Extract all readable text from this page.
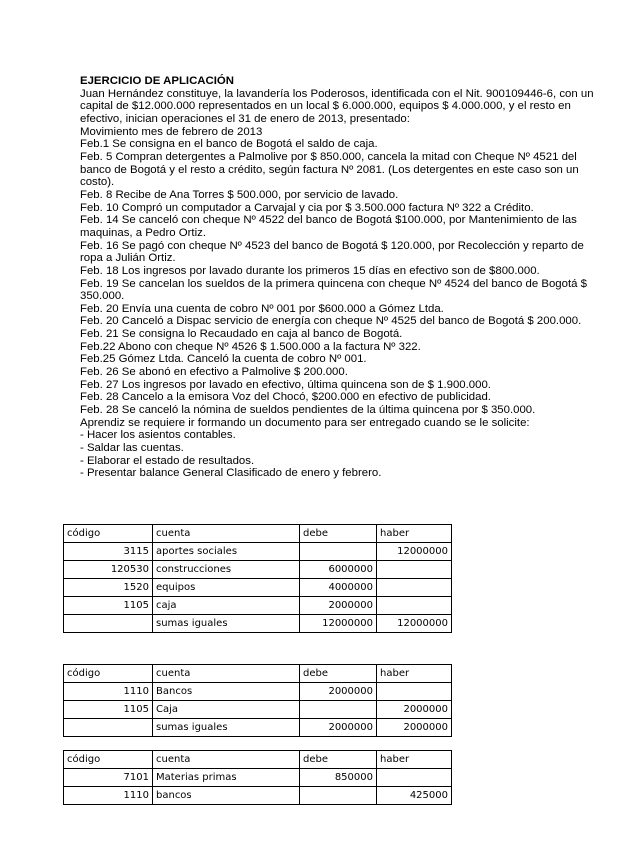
EJERCICIO DE APLICACIÓN
Juan Hernández constituye, la lavandería los Poderosos, identificada con el Nit. 900109446-6, con un
capital de $12.000.000 representados en un local $ 6.000.000, equipos $ 4.000.000, y el resto en
efectivo, inician operaciones el 31 de enero de 2013, presentado:
Movimiento mes de febrero de 2013
Feb.1 Se consigna en el banco de Bogotá el saldo de caja.
Feb. 5 Compran detergentes a Palmolive por $ 850.000, cancela la mitad con Cheque Nº 4521 del
banco de Bogotá y el resto a crédito, según factura Nº 2081. (Los detergentes en este caso son un
costo).
Feb. 8 Recibe de Ana Torres $ 500.000, por servicio de lavado.
Feb. 10 Compró un computador a Carvajal y cia por $ 3.500.000 factura Nº 322 a Crédito.
Feb. 14 Se canceló con cheque Nº 4522 del banco de Bogotá $100.000, por Mantenimiento de las
maquinas, a Pedro Ortiz.
Feb. 16 Se pagó con cheque Nº 4523 del banco de Bogotá $ 120.000, por Recolección y reparto de
ropa a Julián Ortiz.
Feb. 18 Los ingresos por lavado durante los primeros 15 días en efectivo son de $800.000.
Feb. 19 Se cancelan los sueldos de la primera quincena con cheque Nº 4524 del banco de Bogotá $
350.000.
Feb. 20 Envía una cuenta de cobro Nº 001 por $600.000 a Gómez Ltda.
Feb. 20 Canceló a Dispac servicio de energía con cheque Nº 4525 del banco de Bogotá $ 200.000.
Feb. 21 Se consigna lo Recaudado en caja al banco de Bogotá.
Feb.22 Abono con cheque Nº 4526 $ 1.500.000 a la factura Nº 322.
Feb.25 Gómez Ltda. Canceló la cuenta de cobro Nº 001.
Feb. 26 Se abonó en efectivo a Palmolive $ 200.000.
Feb. 27 Los ingresos por lavado en efectivo, última quincena son de $ 1.900.000.
Feb. 28 Cancelo a la emisora Voz del Chocó, $200.000 en efectivo de publicidad.
Feb. 28 Se canceló la nómina de sueldos pendientes de la última quincena por $ 350.000.
Aprendiz se requiere ir formando un documento para ser entregado cuando se le solicite:
- Hacer los asientos contables.
- Saldar las cuentas.
- Elaborar el estado de resultados.
- Presentar balance General Clasificado de enero y febrero.
código	cuenta	debe	haber
3115	aportes sociales		12000000
120530	construcciones	6000000	
1520	equipos	4000000	
1105	caja	2000000	
	sumas iguales	12000000	12000000
código	cuenta	debe	haber
1110	Bancos	2000000	
1105	Caja		2000000
	sumas iguales	2000000	2000000
código	cuenta	debe	haber
7101	Materias primas	850000	
1110	bancos		425000
